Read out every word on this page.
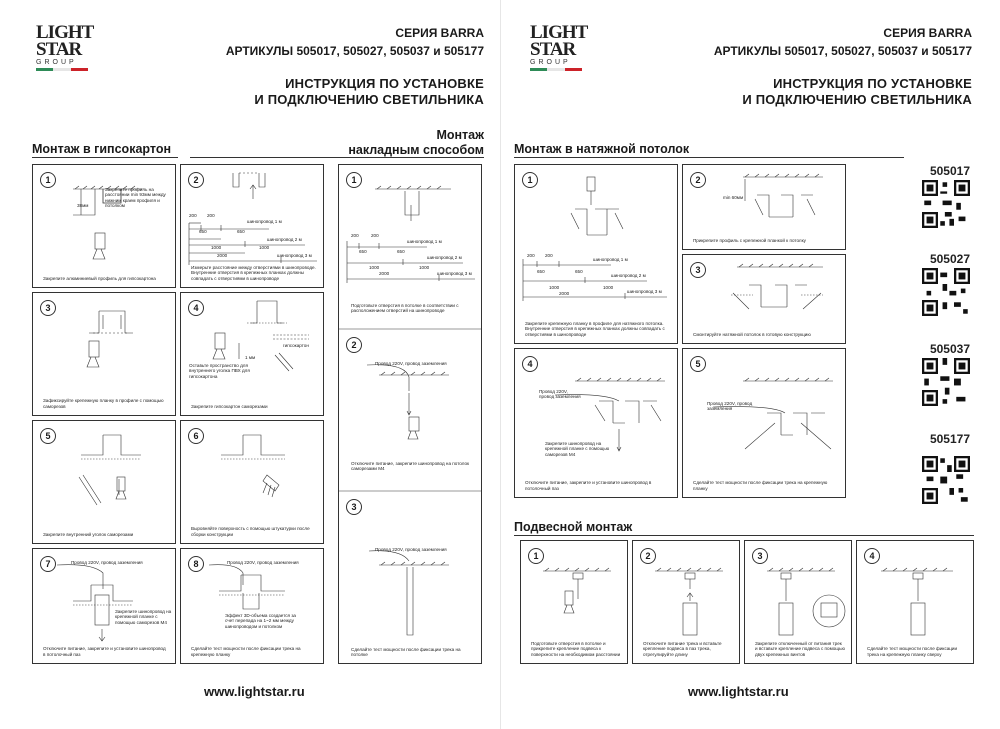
LIGHT
STAR
GROUP
СЕРИЯ BARRA
АРТИКУЛЫ 505017, 505027, 505037 и 505177
ИНСТРУКЦИЯ ПО УСТАНОВКЕ
И ПОДКЛЮЧЕНИЮ СВЕТИЛЬНИКА
Монтаж в гипсокартон
Монтаж
накладным способом
1
38мм
Закрепите профиль на расстоянии min 93мм между нижним краем профиля и потолком
Закрепите алюминиевый профиль для гипсокартона
2
200 200
650	650
1000	1000
2000
шинопровод 1 м
шинопровод 2 м
шинопровод 3 м
Измерьте расстояние между отверстиями в шинопроводе. Внутренние отверстия в крепежных планках должны совпадать с отверстиями в шинопроводе
3
Зафиксируйте крепежную планку в профиле с помощью саморезов
4
1 мм
Оставьте пространство для внутреннего уголка ПВХ для гипсокартона
гипсокартон
Закрепите гипсокартон саморезами
5
Закрепите внутренний уголок саморезами
6
Выровняйте поверхность с помощью штукатурки после сборки конструкции
7	Провод 220V, провод заземления
Закрепите шинопровод на крепежной планке с помощью саморезов М4
Отключите питание, закрепите и установите шинопровод в потолочный паз
8	Провод 220V, провод заземления
Эффект 3D-объема создается за счет перепада на 1~2 мм между шинопроводом и потолком
Сделайте тест мощности после фиксации трека на крепежную планку
1
200	200
650	650
1000	1000
2000
шинопровод 1 м
шинопровод 2 м
шинопровод 3 м
Подготовьте отверстия в потолке в соответствии с расположением отверстий на шинопроводе
2
Провод 220V, провод заземления
Отключите питание, закрепите шинопровод на потолок саморезами М4
3
Провод 220V, провод заземления
Сделайте тест мощности после фиксации трека на потолке
www.lightstar.ru
LIGHT
STAR
GROUP
СЕРИЯ BARRA
АРТИКУЛЫ 505017, 505027, 505037 и 505177
ИНСТРУКЦИЯ ПО УСТАНОВКЕ
И ПОДКЛЮЧЕНИЮ СВЕТИЛЬНИКА
Монтаж в натяжной потолок
1
шинопровод 1 м
шинопровод 2 м
шинопровод 3 м
200 200
650	650
1000	1000
2000
Закрепите крепежную планку в профиле для натяжного потолка. Внутренние отверстия в крепежных планках должны совпадать с отверстиями в шинопроводе
2
min 60мм
Прикрепите профиль с крепежной планкой к потолку
3
Смонтируйте натяжной потолок в готовую конструкцию
4
Провод 220V, провод заземления
Закрепите шинопровод на крепежной планке с помощью саморезов М4
Отключите питание, закрепите и установите шинопровод в потолочный паз
5
Провод 220V, провод заземления
Сделайте тест мощности после фиксации трека на крепежную планку
505017
505027
505037
505177
Подвесной монтаж
1
Подготовьте отверстия в потолке и прикрепите крепление подвеса к поверхности на необходимом расстоянии
2
Отключите питание трека и вставьте крепление подвеса в паз трека, отрегулируйте длину
3
Закрепите отключенный от питания трек и вставьте крепление подвеса с помощью двух крепежных винтов
4
Сделайте тест мощности после фиксации трека на крепежную планку сверху
www.lightstar.ru
